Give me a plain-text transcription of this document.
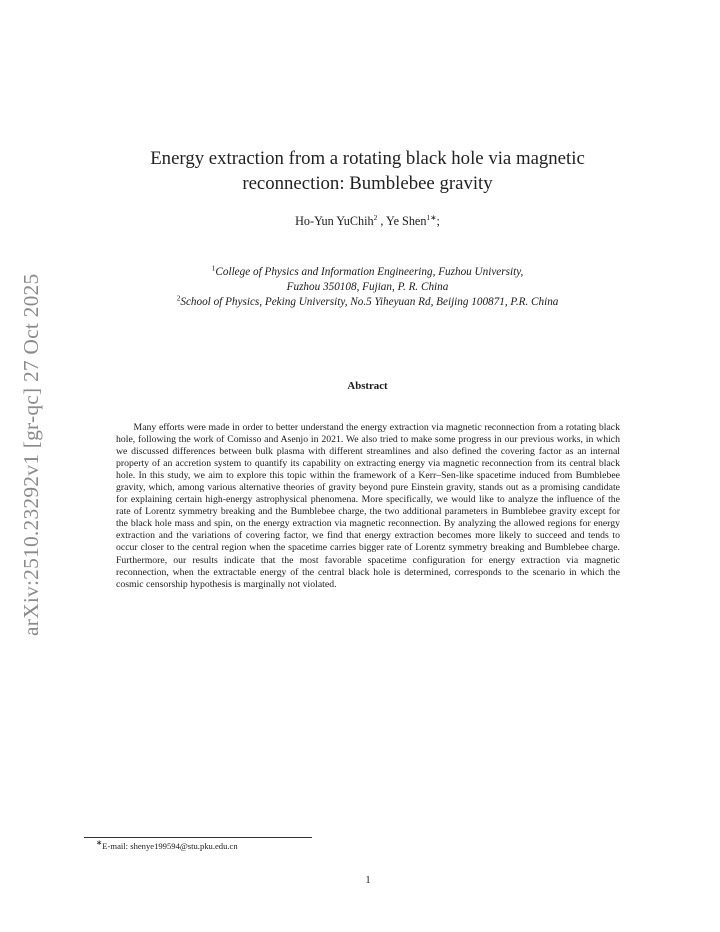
arXiv:2510.23292v1 [gr-qc] 27 Oct 2025
Energy extraction from a rotating black hole via magnetic
reconnection: Bumblebee gravity
Ho-Yun YuChih$^2$ , Ye Shen$^{1∗}$;
$^1$College of Physics and Information Engineering, Fuzhou University,
Fuzhou 350108, Fujian, P. R. China
$^2$School of Physics, Peking University, No.5 Yiheyuan Rd, Beijing 100871, P.R. China
Abstract
Many efforts were made in order to better understand the energy extraction via magnetic reconnection from a rotating black hole, following the work of Comisso and Asenjo in 2021. We also tried to make some progress in our previous works, in which we discussed differences between bulk plasma with different streamlines and also defined the covering factor as an internal property of an accretion system to quantify its capability on extracting energy via magnetic reconnection from its central black hole. In this study, we aim to explore this topic within the framework of a Kerr–Sen-like spacetime induced from Bumblebee gravity, which, among various alternative theories of gravity beyond pure Einstein gravity, stands out as a promising candidate for explaining certain high-energy astrophysical phenomena. More specifically, we would like to analyze the influence of the rate of Lorentz symmetry breaking and the Bumblebee charge, the two additional parameters in Bumblebee gravity except for the black hole mass and spin, on the energy extraction via magnetic reconnection. By analyzing the allowed regions for energy extraction and the variations of covering factor, we find that energy extraction becomes more likely to succeed and tends to occur closer to the central region when the spacetime carries bigger rate of Lorentz symmetry breaking and Bumblebee charge. Furthermore, our results indicate that the most favorable spacetime configuration for energy extraction via magnetic reconnection, when the extractable energy of the central black hole is determined, corresponds to the scenario in which the cosmic censorship hypothesis is marginally not violated.
∗E-mail: shenye199594@stu.pku.edu.cn
1
